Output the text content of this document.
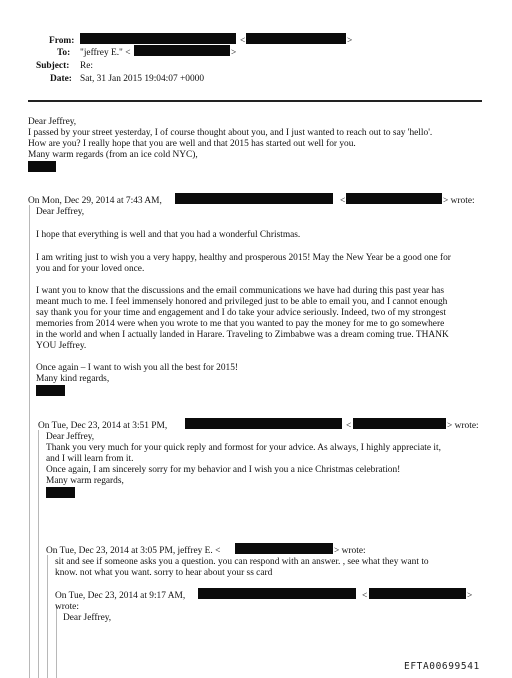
From:	<	>
To: "jeffrey E." <	>
Subject: Re:
Date: Sat, 31 Jan 2015 19:04:07 +0000
Dear Jeffrey,
I passed by your street yesterday, I of course thought about you, and I just wanted to reach out to say 'hello'.
How are you? I really hope that you are well and that 2015 has started out well for you.
Many warm regards (from an ice cold NYC),
On Mon, Dec 29, 2014 at 7:43 AM,	<	> wrote:
Dear Jeffrey,
I hope that everything is well and that you had a wonderful Christmas.
I am writing just to wish you a very happy, healthy and prosperous 2015! May the New Year be a good one for
you and for your loved once.
I want you to know that the discussions and the email communications we have had during this past year has
meant much to me. I feel immensely honored and privileged just to be able to email you, and I cannot enough
say thank you for your time and engagement and I do take your advice seriously. Indeed, two of my strongest
memories from 2014 were when you wrote to me that you wanted to pay the money for me to go somewhere
in the world and when I actually landed in Harare. Traveling to Zimbabwe was a dream coming true. THANK
YOU Jeffrey.
Once again – I want to wish you all the best for 2015!
Many kind regards,
On Tue, Dec 23, 2014 at 3:51 PM,	<	> wrote:
Dear Jeffrey,
Thank you very much for your quick reply and formost for your advice. As always, I highly appreciate it,
and I will learn from it.
Once again, I am sincerely sorry for my behavior and I wish you a nice Christmas celebration!
Many warm regards,
On Tue, Dec 23, 2014 at 3:05 PM, jeffrey E. <	> wrote:
sit and see if someone asks you a question. you can respond with an answer. , see what they want to
know. not what you want. sorry to hear about your ss card
On Tue, Dec 23, 2014 at 9:17 AM,	<	>
wrote:
Dear Jeffrey,
EFTA00699541
